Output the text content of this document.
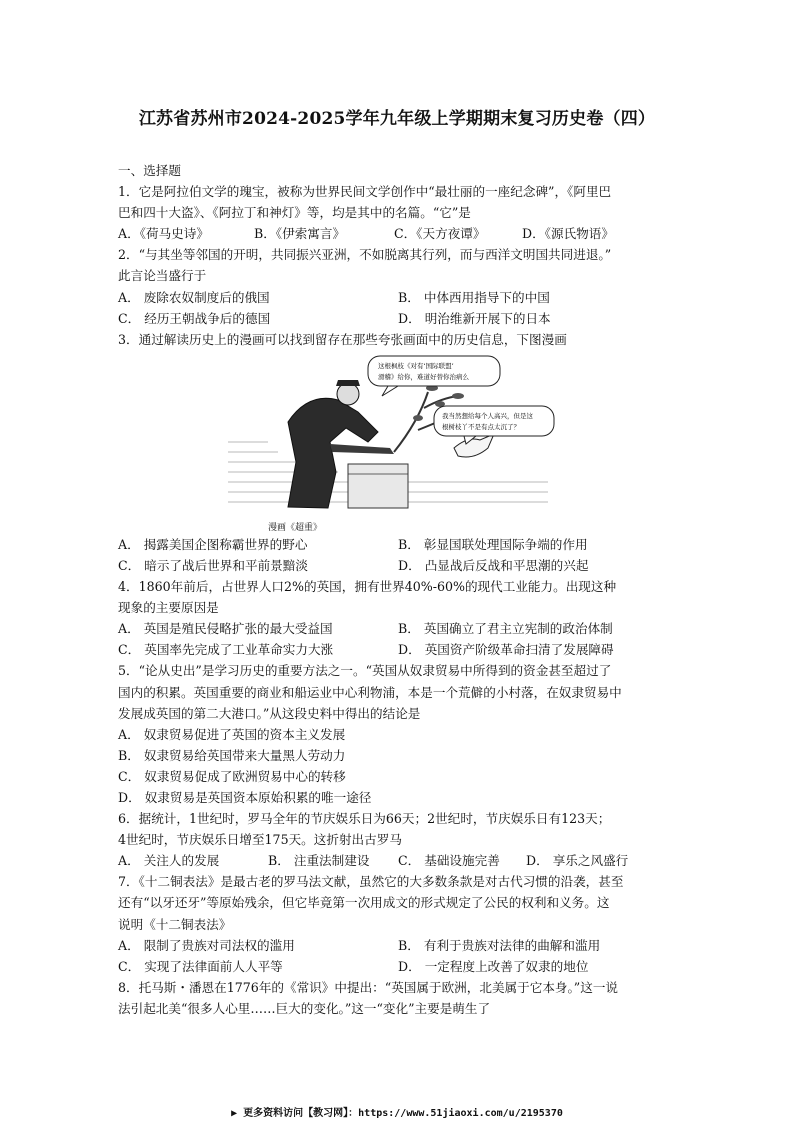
江苏省苏州市2024-2025学年九年级上学期期末复习历史卷（四）
一、选择题
1．它是阿拉伯文学的瑰宝，被称为世界民间文学创作中“最壮丽的一座纪念碑”，《阿里巴
巴和四十大盗》、《阿拉丁和神灯》等，均是其中的名篇。“它”是
A．《荷马史诗》	B．《伊索寓言》	C．《天方夜谭》	D．《源氏物语》
2．“与其坐等邻国的开明，共同振兴亚洲，不如脱离其行列，而与西洋文明国共同进退。”
此言论当盛行于
A． 废除农奴制度后的俄国	B． 中体西用指导下的中国
C． 经历王朝战争后的德国	D． 明治维新开展下的日本
3．通过解读历史上的漫画可以找到留存在那些夸张画面中的历史信息，下图漫画
这根枫枝《对有‘国际联盟’
滑稽》给你，难道好替你治病么
我当然想给每个人高兴，但是这
根树枝丫不是有点太沉了？
漫画《超重》
A． 揭露美国企图称霸世界的野心	B． 彰显国联处理国际争端的作用
C． 暗示了战后世界和平前景黯淡	D． 凸显战后反战和平思潮的兴起
4．1860年前后，占世界人口2%的英国，拥有世界40%-60%的现代工业能力。出现这种
现象的主要原因是
A． 英国是殖民侵略扩张的最大受益国	B． 英国确立了君主立宪制的政治体制
C． 英国率先完成了工业革命实力大涨	D． 英国资产阶级革命扫清了发展障碍
5．“论从史出”是学习历史的重要方法之一。“英国从奴隶贸易中所得到的资金甚至超过了
国内的积累。英国重要的商业和船运业中心利物浦，本是一个荒僻的小村落，在奴隶贸易中
发展成英国的第二大港口。”从这段史料中得出的结论是
A． 奴隶贸易促进了英国的资本主义发展
B． 奴隶贸易给英国带来大量黑人劳动力
C． 奴隶贸易促成了欧洲贸易中心的转移
D． 奴隶贸易是英国资本原始积累的唯一途径
6．据统计，1世纪时，罗马全年的节庆娱乐日为66天；2世纪时，节庆娱乐日有123天；
4世纪时，节庆娱乐日增至175天。这折射出古罗马
A． 关注人的发展	B． 注重法制建设	C． 基础设施完善	D． 享乐之风盛行
7．《十二铜表法》是最古老的罗马法文献，虽然它的大多数条款是对古代习惯的沿袭，甚至
还有“以牙还牙”等原始残余，但它毕竟第一次用成文的形式规定了公民的权利和义务。这
说明《十二铜表法》
A． 限制了贵族对司法权的滥用	B． 有利于贵族对法律的曲解和滥用
C． 实现了法律面前人人平等	D． 一定程度上改善了奴隶的地位
8．托马斯・潘恩在1776年的《常识》中提出：“英国属于欧洲，北美属于它本身。”这一说
法引起北美“很多人心里……巨大的变化。”这一“变化”主要是萌生了
▶ 更多资料访问【教习网】：https://www.51jiaoxi.com/u/2195370
